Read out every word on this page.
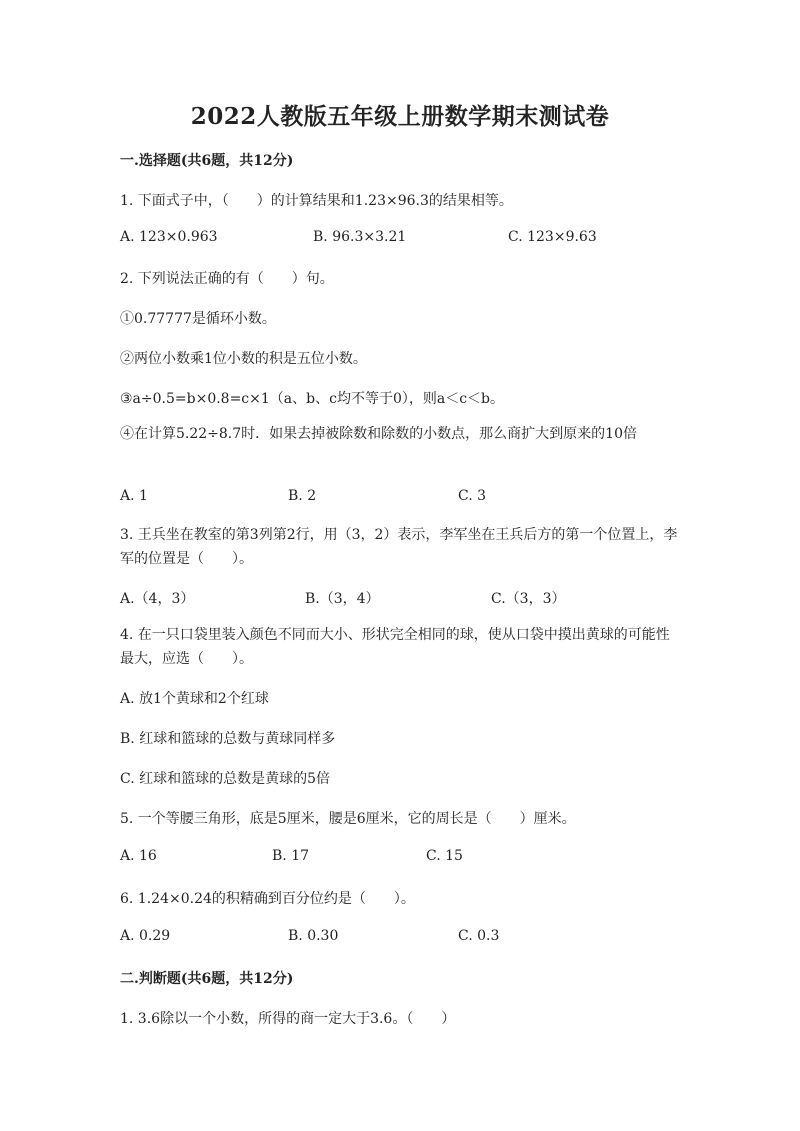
2022人教版五年级上册数学期末测试卷
一.选择题(共6题，共12分)
1. 下面式子中，（　　）的计算结果和1.23×96.3的结果相等。
A. 123×0.963	B. 96.3×3.21	C. 123×9.63
2. 下列说法正确的有（　　）句。
①0.77777是循环小数。
②两位小数乘1位小数的积是五位小数。
③a÷0.5=b×0.8=c×1（a、b、c均不等于0），则a＜c＜b。
④在计算5.22÷8.7时．如果去掉被除数和除数的小数点，那么商扩大到原来的10倍
A. 1	B. 2	C. 3
3. 王兵坐在教室的第3列第2行，用（3，2）表示，李军坐在王兵后方的第一个位置上，李军的位置是（　　）。
A.（4，3）	B.（3，4）	C.（3，3）
4. 在一只口袋里装入颜色不同而大小、形状完全相同的球，使从口袋中摸出黄球的可能性最大，应选（　　）。
A. 放1个黄球和2个红球
B. 红球和篮球的总数与黄球同样多
C. 红球和篮球的总数是黄球的5倍
5. 一个等腰三角形，底是5厘米，腰是6厘米，它的周长是（　　）厘米。
A. 16	B. 17	C. 15
6. 1.24×0.24的积精确到百分位约是（　　）。
A. 0.29	B. 0.30	C. 0.3
二.判断题(共6题，共12分)
1. 3.6除以一个小数，所得的商一定大于3.6。（　　）
